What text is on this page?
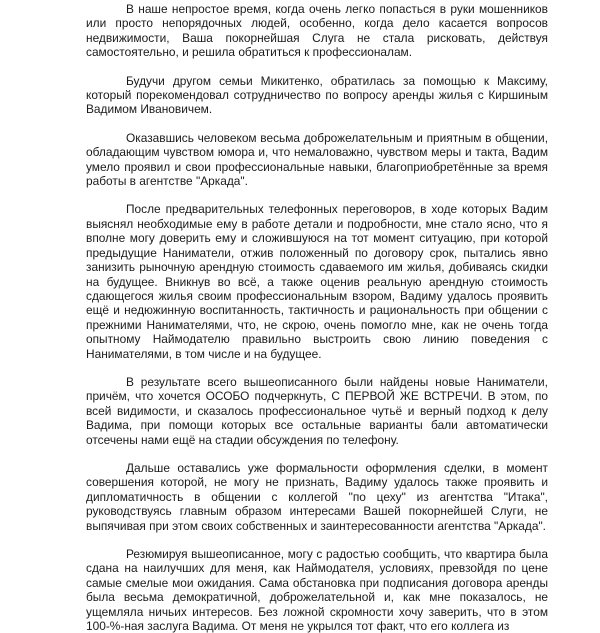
В наше непростое время, когда очень легко попасться в руки мошенников или просто непорядочных людей, особенно, когда дело касается вопросов недвижимости, Ваша покорнейшая Слуга не стала рисковать, действуя самостоятельно, и решила обратиться к профессионалам.

Будучи другом семьи Микитенко, обратилась за помощью к Максиму, который порекомендовал сотрудничество по вопросу аренды жилья с Киршиным Вадимом Ивановичем.

Оказавшись человеком весьма доброжелательным и приятным в общении, обладающим чувством юмора и, что немаловажно, чувством меры и такта, Вадим умело проявил и свои профессиональные навыки, благоприобретённые за время работы в агентстве "Аркада".

После предварительных телефонных переговоров, в ходе которых Вадим выяснял необходимые ему в работе детали и подробности, мне стало ясно, что я вполне могу доверить ему и сложившуюся на тот момент ситуацию, при которой предыдущие Наниматели, отжив положенный по договору срок, пытались явно занизить рыночную арендную стоимость сдаваемого им жилья, добиваясь скидки на будущее. Вникнув во всё, а также оценив реальную арендную стоимость сдающегося жилья своим профессиональным взором, Вадиму удалось проявить ещё и недюжинную воспитанность, тактичность и рациональность при общении с прежними Нанимателями, что, не скрою, очень помогло мне, как не очень тогда опытному Наймодателю правильно выстроить свою линию поведения с Нанимателями, в том числе и на будущее.

В результате всего вышеописанного были найдены новые Наниматели, причём, что хочется ОСОБО подчеркнуть, С ПЕРВОЙ ЖЕ ВСТРЕЧИ. В этом, по всей видимости, и сказалось профессиональное чутьё и верный подход к делу Вадима, при помощи которых все остальные варианты бали автоматически отсечены нами ещё на стадии обсуждения по телефону.

Дальше оставались уже формальности оформления сделки, в момент совершения которой, не могу не признать, Вадиму удалось также проявить и дипломатичность в общении с коллегой "по цеху" из агентства "Итака", руководствуясь главным образом интересами Вашей покорнейшей Слуги, не выпячивая при этом своих собственных и заинтересованности агентства "Аркада".

Резюмируя вышеописанное, могу с радостью сообщить, что квартира была сдана на наилучших для меня, как Наймодателя, условиях, превзойдя по цене самые смелые мои ожидания. Сама обстановка при подписания договора аренды была весьма демократичной, доброжелательной и, как мне показалось, не ущемляла ничьих интересов. Без ложной скромности хочу заверить, что в этом 100-%-ная заслуга Вадима. От меня не укрылся тот факт, что его коллега из
